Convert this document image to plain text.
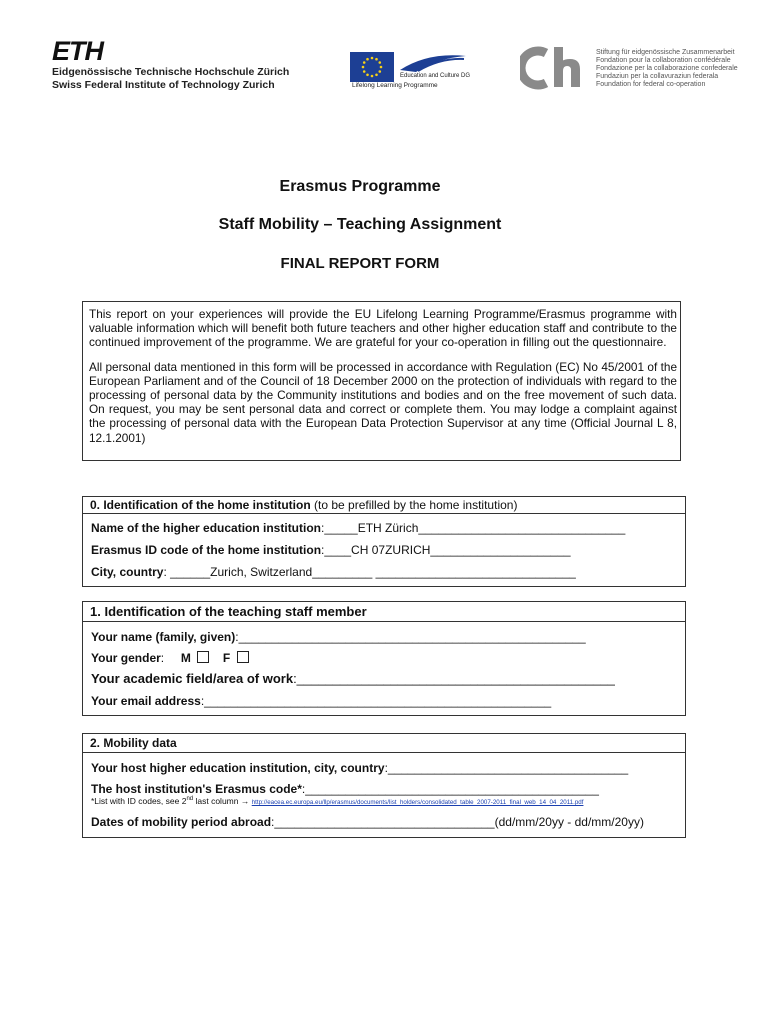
ETH
Eidgenössische Technische Hochschule Zürich
Swiss Federal Institute of Technology Zurich
Education and Culture DG
Lifelong Learning Programme
Stiftung für eidgenössische Zusammenarbeit
Fondation pour la collaboration confédérale
Fondazione per la collaborazione confederale
Fundaziun per la collavuraziun federala
Foundation for federal co-operation
Erasmus Programme
Staff Mobility – Teaching Assignment
FINAL REPORT FORM

This report on your experiences will provide the EU Lifelong Learning Programme/Erasmus programme with valuable information which will benefit both future teachers and other higher education staff and contribute to the continued improvement of the programme. We are grateful for your co-operation in filling out the questionnaire.

All personal data mentioned in this form will be processed in accordance with Regulation (EC) No 45/2001 of the European Parliament and of the Council of 18 December 2000 on the protection of individuals with regard to the processing of personal data by the Community institutions and bodies and on the free movement of such data. On request, you may be sent personal data and correct or complete them. You may lodge a complaint against the processing of personal data with the European Data Protection Supervisor at any time (Official Journal L 8, 12.1.2001)

0. Identification of the home institution (to be prefilled by the home institution)
Name of the higher education institution:_____ETH Zürich_______________________________
Erasmus ID code of the home institution:____CH 07ZURICH_____________________
City, country: ______Zurich, Switzerland_________ ______________________________
1. Identification of the teaching staff member
Your name (family, given):____________________________________________________
Your gender: M	F
Your academic field/area of work:____________________________________________
Your email address:____________________________________________________
2. Mobility data
Your host higher education institution, city, country:____________________________________
The host institution's Erasmus code*:____________________________________________
*List with ID codes, see 2nd last column → http://eacea.ec.europa.eu/llp/erasmus/documents/list_holders/consolidated_table_2007-2011_final_web_14_04_2011.pdf
Dates of mobility period abroad:_________________________________(dd/mm/20yy - dd/mm/20yy)
